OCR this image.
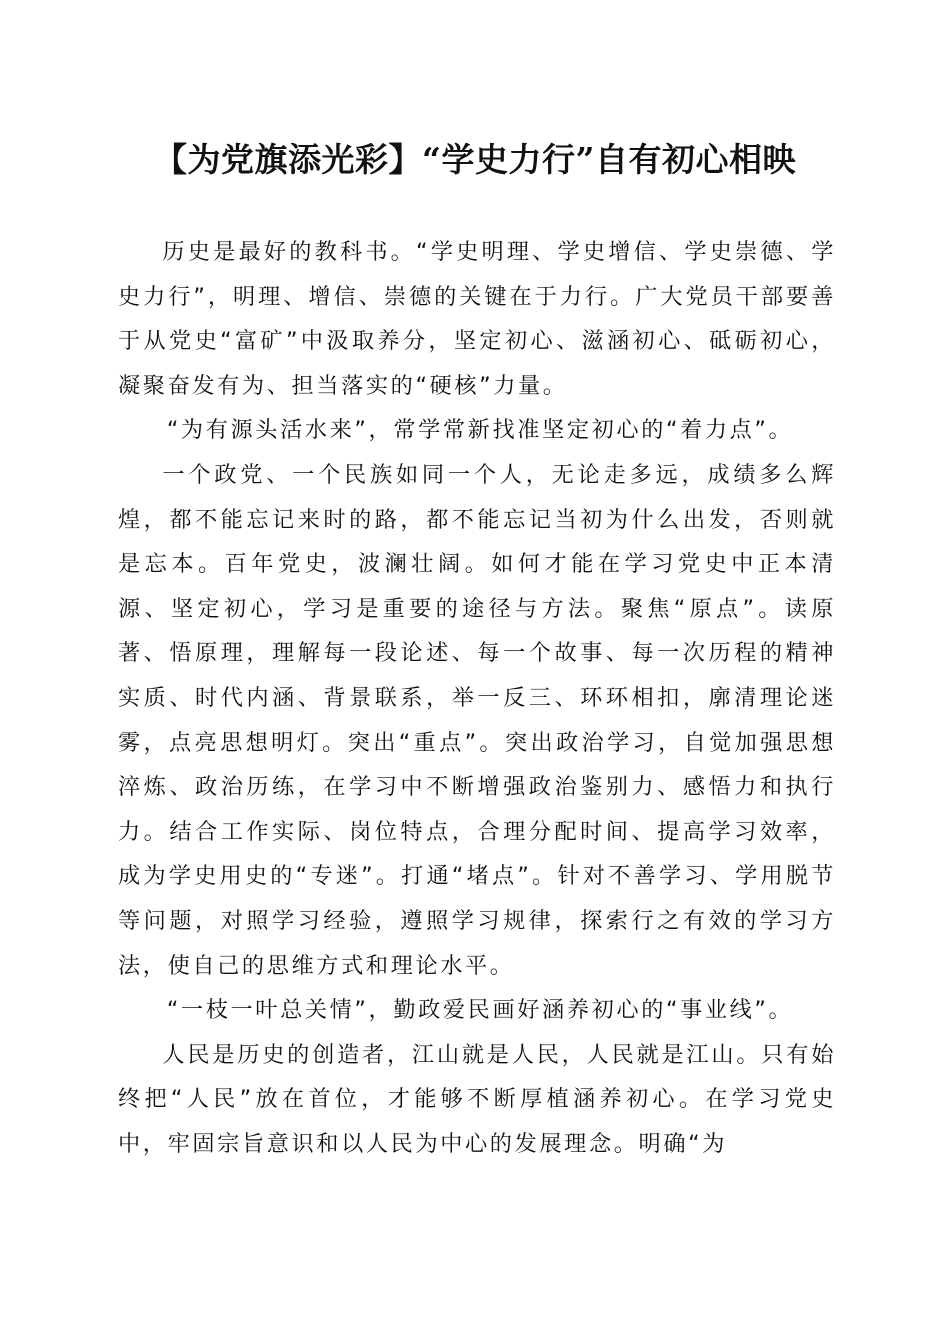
【为党旗添光彩】“学史力行”自有初心相映

历史是最好的教科书。“学史明理、学史增信、学史崇德、学史力行”，明理、增信、崇德的关键在于力行。广大党员干部要善于从党史“富矿”中汲取养分，坚定初心、滋涵初心、砥砺初心，凝聚奋发有为、担当落实的“硬核”力量。

“为有源头活水来”，常学常新找准坚定初心的“着力点”。

一个政党、一个民族如同一个人，无论走多远，成绩多么辉煌，都不能忘记来时的路，都不能忘记当初为什么出发，否则就是忘本。百年党史，波澜壮阔。如何才能在学习党史中正本清源、坚定初心，学习是重要的途径与方法。聚焦“原点”。读原著、悟原理，理解每一段论述、每一个故事、每一次历程的精神实质、时代内涵、背景联系，举一反三、环环相扣，廓清理论迷雾，点亮思想明灯。突出“重点”。突出政治学习，自觉加强思想淬炼、政治历练，在学习中不断增强政治鉴别力、感悟力和执行力。结合工作实际、岗位特点，合理分配时间、提高学习效率，成为学史用史的“专迷”。打通“堵点”。针对不善学习、学用脱节等问题，对照学习经验，遵照学习规律，探索行之有效的学习方法，使自己的思维方式和理论水平。

“一枝一叶总关情”，勤政爱民画好涵养初心的“事业线”。

人民是历史的创造者，江山就是人民，人民就是江山。只有始终把“人民”放在首位，才能够不断厚植涵养初心。在学习党史中，牢固宗旨意识和以人民为中心的发展理念。明确“为
